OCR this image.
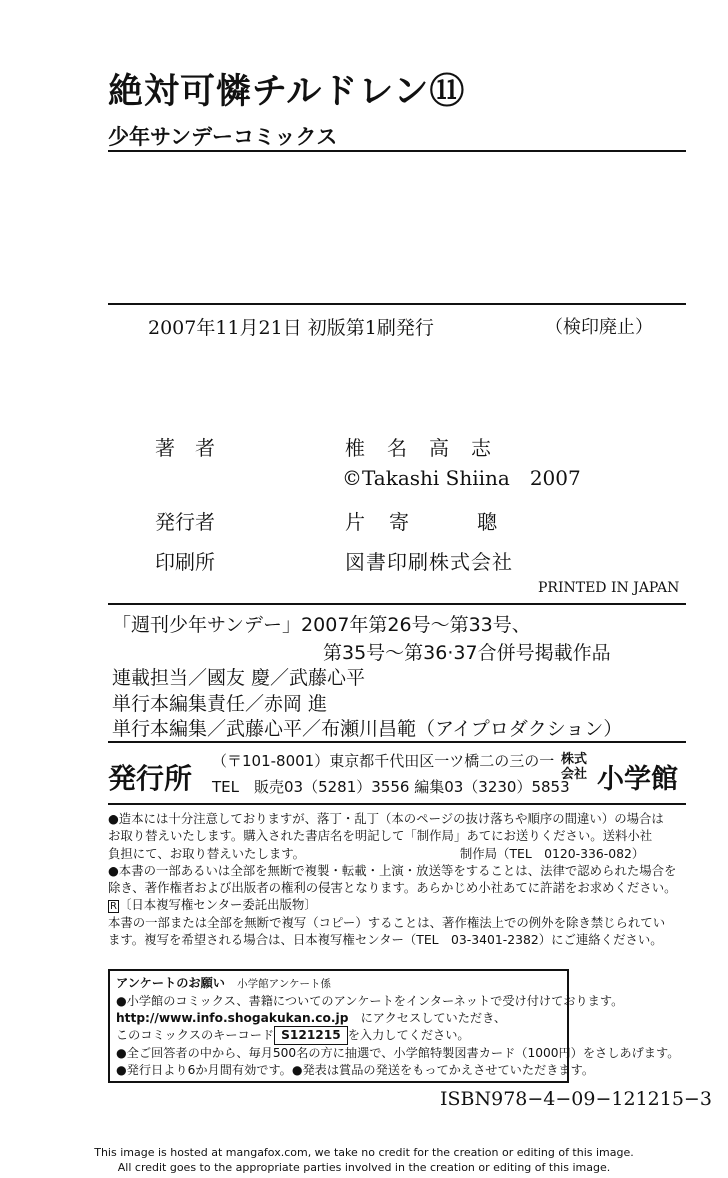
絶対可憐チルドレン⑪
少年サンデーコミックス
2007年11月21日 初版第1刷発行	（検印廃止）
著　者	椎名高志
©Takashi Shiina　2007
発行者	片寄　聰
印刷所	図書印刷株式会社
PRINTED IN JAPAN
「週刊少年サンデー」2007年第26号〜第33号、
第35号〜第36·37合併号掲載作品
連載担当／國友 慶／武藤心平
単行本編集責任／赤岡 進
単行本編集／武藤心平／布瀬川昌範（アイプロダクション）
発行所
（〒101-8001）東京都千代田区一ツ橋二の三の一
TEL　販売03（5281）3556 編集03（3230）5853
株式会社 小学館

●造本には十分注意しておりますが、落丁・乱丁（本のページの抜け落ちや順序の間違い）の場合は

お取り替えいたします。購入された書店名を明記して「制作局」あてにお送りください。送料小社

負担にて、お取り替えいたします。　　　　　　　　　　　　　制作局（TEL　0120-336-082）

●本書の一部あるいは全部を無断で複製・転載・上演・放送等をすることは、法律で認められた場合を

除き、著作権者および出版者の権利の侵害となります。あらかじめ小社あてに許諾をお求めください。

R 〔日本複写権センター委託出版物〕

本書の一部または全部を無断で複写（コピー）することは、著作権法上での例外を除き禁じられてい

ます。複写を希望される場合は、日本複写権センター（TEL　03-3401-2382）にご連絡ください。

アンケートのお願い　 小学館アンケート係

●小学館のコミックス、書籍についてのアンケートをインターネットで受け付けております。

http://www.info.shogakukan.co.jp　 にアクセスしていただき、

このコミックスのキーコード S121215 を入力してください。

●全ご回答者の中から、毎月500名の方に抽選で、小学館特製図書カード（1000円）をさしあげます。

●発行日より6か月間有効です。●発表は賞品の発送をもってかえさせていただきます。

ISBN978−4−09−121215−3
This image is hosted at mangafox.com, we take no credit for the creation or editing of this image.
All credit goes to the appropriate parties involved in the creation or editing of this image.
